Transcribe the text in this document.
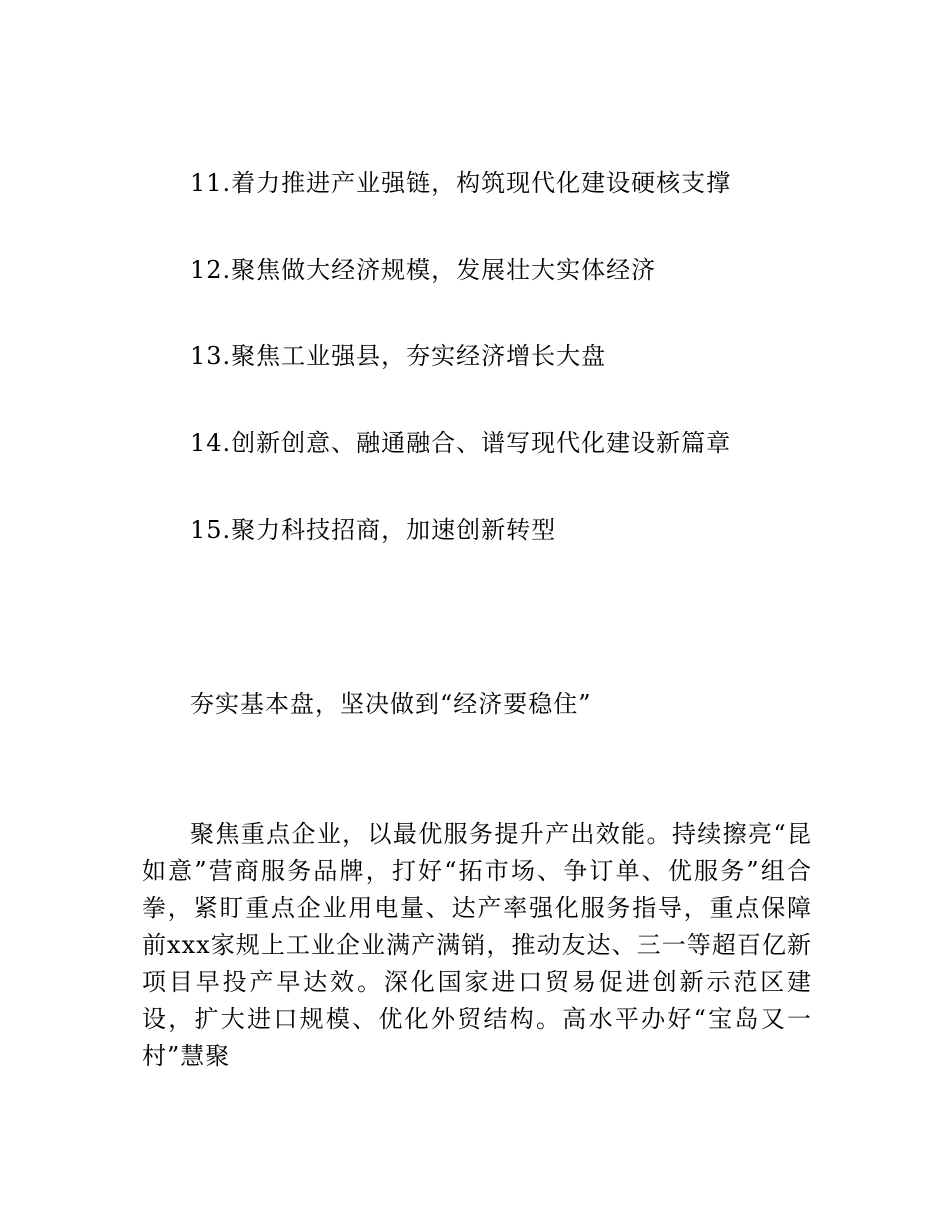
11.着力推进产业强链，构筑现代化建设硬核支撑
12.聚焦做大经济规模，发展壮大实体经济
13.聚焦工业强县，夯实经济增长大盘
14.创新创意、融通融合、谱写现代化建设新篇章
15.聚力科技招商，加速创新转型
夯实基本盘，坚决做到“经济要稳住”
聚焦重点企业，以最优服务提升产出效能。持续擦亮“昆如意”营商服务品牌，打好“拓市场、争订单、优服务”组合拳，紧盯重点企业用电量、达产率强化服务指导，重点保障前xxx家规上工业企业满产满销，推动友达、三一等超百亿新项目早投产早达效。深化国家进口贸易促进创新示范区建设，扩大进口规模、优化外贸结构。高水平办好“宝岛又一村”慧聚
